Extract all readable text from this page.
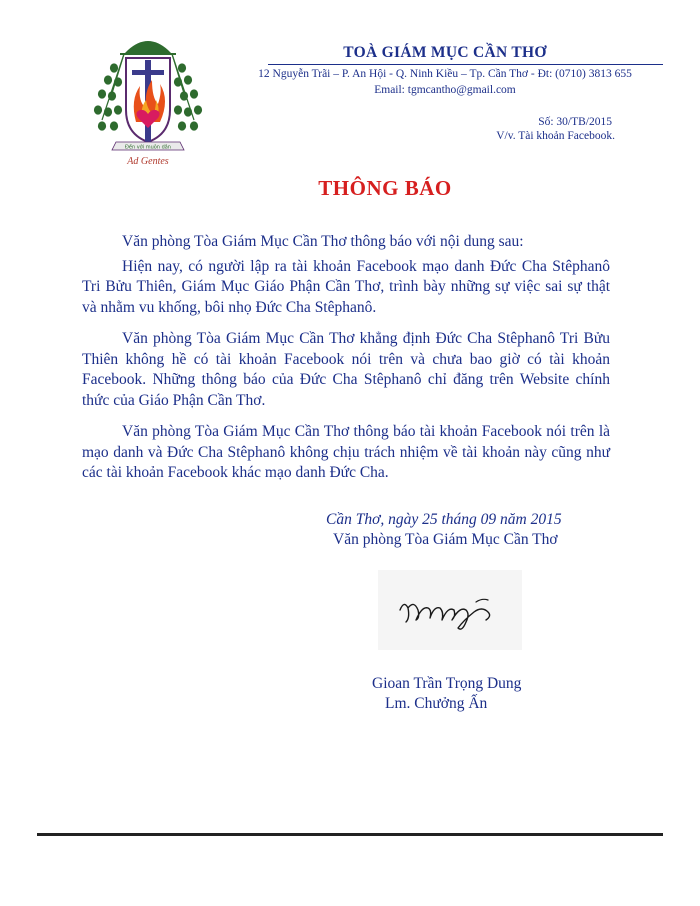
Đến với muôn dân
Ad Gentes
TOÀ GIÁM MỤC CẦN THƠ
12 Nguyễn Trãi – P. An Hội - Q. Ninh Kiều – Tp. Cần Thơ - Đt: (0710) 3813 655
Email: tgmcantho@gmail.com
Số: 30/TB/2015
V/v. Tài khoản Facebook.
THÔNG BÁO

Văn phòng Tòa Giám Mục Cần Thơ thông báo với nội dung sau:

Hiện nay, có người lập ra tài khoản Facebook mạo danh Đức Cha Stêphanô Tri Bửu Thiên, Giám Mục Giáo Phận Cần Thơ, trình bày những sự việc sai sự thật và nhằm vu khống, bôi nhọ Đức Cha Stêphanô.

Văn phòng Tòa Giám Mục Cần Thơ khẳng định Đức Cha Stêphanô Tri Bửu Thiên không hề có tài khoản Facebook nói trên và chưa bao giờ có tài khoản Facebook. Những thông báo của Đức Cha Stêphanô chỉ đăng trên Website chính thức của Giáo Phận Cần Thơ.

Văn phòng Tòa Giám Mục Cần Thơ thông báo tài khoản Facebook nói trên là mạo danh và Đức Cha Stêphanô không chịu trách nhiệm về tài khoản này cũng như các tài khoản Facebook khác mạo danh Đức Cha.

Cần Thơ, ngày 25 tháng 09 năm 2015
Văn phòng Tòa Giám Mục Cần Thơ
Gioan Trần Trọng Dung
Lm. Chưởng Ấn
